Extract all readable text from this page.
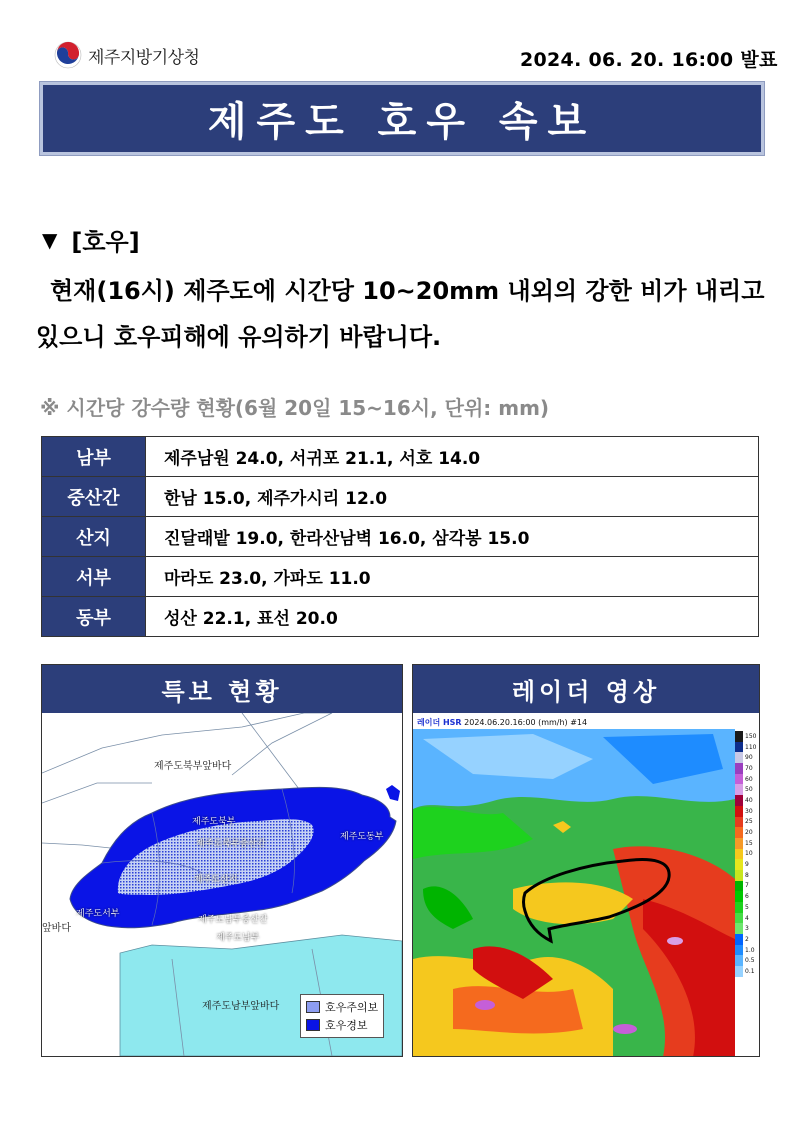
제주지방기상청	2024. 06. 20. 16:00 발표
제주도 호우 속보
▼ [호우]

현재(16시) 제주도에 시간당 10~20mm 내외의 강한 비가 내리고 있으니 호우피해에 유의하기 바랍니다.

※ 시간당 강수량 현황(6월 20일 15~16시, 단위: mm)
남부	제주남원 24.0, 서귀포 21.1, 서호 14.0
중산간	한남 15.0, 제주가시리 12.0
산지	진달래밭 19.0, 한라산남벽 16.0, 삼각봉 15.0
서부	마라도 23.0, 가파도 11.0
동부	성산 22.1, 표선 20.0
특보 현황
제주도북부앞바다
제주도북부
제주도북부중산간
제주도산지
제주도동부
제주도서부
제주도남부중산간
제주도남부
앞바다
제주도남부앞바다	호우주의보
호우경보
레이더 영상
레이더 HSR 2024.06.20.16:00 (mm/h) #14
150
110
90
70
60
50
40
30
25
20
15
10
9
8
7
6
5
4
3
2
1.0
0.5
0.1
